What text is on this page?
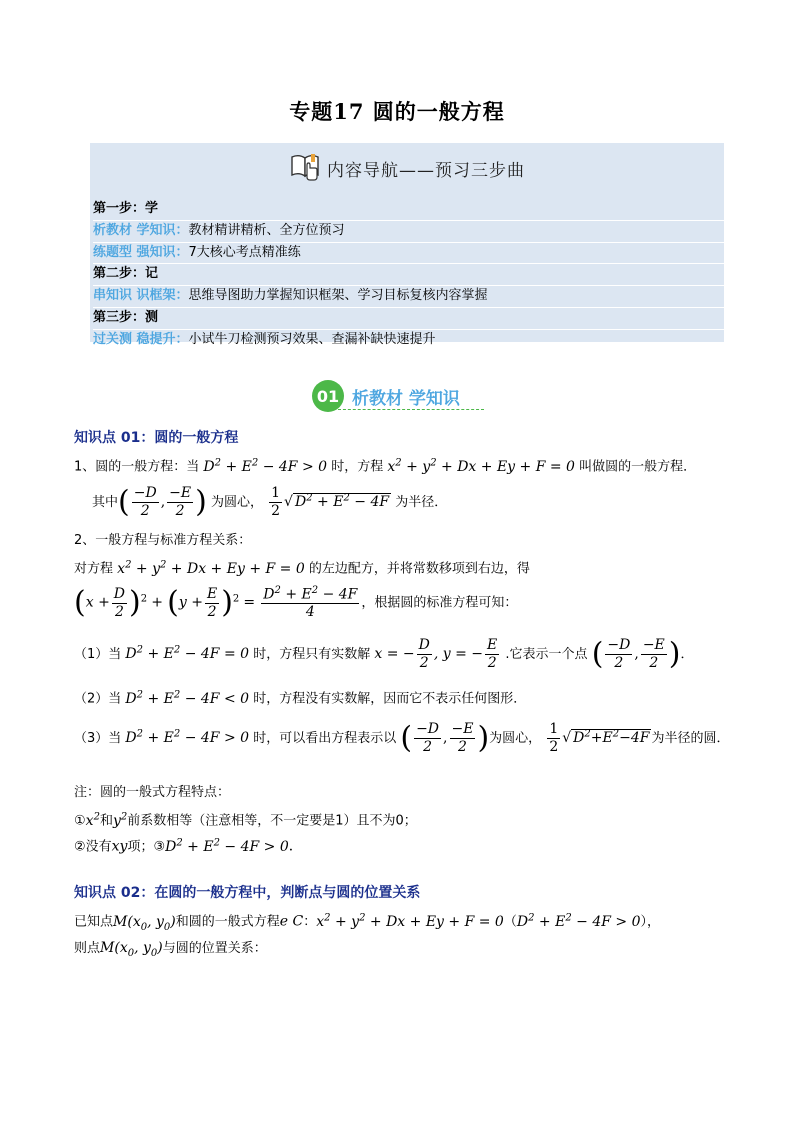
专题17 圆的一般方程
内容导航——预习三步曲
第一步：学
析教材 学知识：教材精讲精析、全方位预习
练题型 强知识：7大核心考点精准练
第二步：记
串知识 识框架：思维导图助力掌握知识框架、学习目标复核内容掌握
第三步：测
过关测 稳提升：小试牛刀检测预习效果、查漏补缺快速提升
01 析教材 学知识
知识点 01：圆的一般方程
1、圆的一般方程：当 $D^2 + E^2 - 4F > 0$ 时，方程 $x^2 + y^2 + Dx + Ey + F = 0$ 叫做圆的一般方程．
其中( $\frac{-D}{2}$ , $\frac{-E}{2}$ ) 为圆心， $\frac{1}{2}$ √ $D^2 + E^2 - 4F$ 为半径．
2、一般方程与标准方程关系：
对方程 $x^2 + y^2 + Dx + Ey + F = 0$ 的左边配方，并将常数移项到右边，得
$(x + \frac{D}{2} )^2 + (y + \frac{E}{2} )^2 = \frac{D^2 + E^2 - 4F}{4}$ ，根据圆的标准方程可知：
（1）当 $D^2 + E^2 - 4F = 0$ 时，方程只有实数解 x = − $\frac{D}{2}$ , y = − $\frac{E}{2}$ .它表示一个点 ( $\frac{-D}{2}$ , $\frac{-E}{2}$ )．
（2）当 $D^2 + E^2 - 4F < 0$ 时，方程没有实数解，因而它不表示任何图形．
（3）当 $D^2 + E^2 - 4F > 0$ 时，可以看出方程表示以 ( $\frac{-D}{2}$ , $\frac{-E}{2}$ )为圆心， $\frac{1}{2}$ √ $D^2+E^2-4F$ 为半径的圆．
注：圆的一般式方程特点：
$①x^2$和$y^2$前系数相等（注意相等，不一定要是1）且不为0；
②没有xy项；$③D^2 + E^2 - 4F > 0$．
知识点 02：在圆的一般方程中，判断点与圆的位置关系
已知点$M(x_0$, $y_0$)和圆的一般式方程e C：$x^2 + y^2 + Dx + Ey + F = 0(D^2 + E^2 - 4F > 0)$，
则点$M(x_0$, $y_0$)与圆的位置关系：
